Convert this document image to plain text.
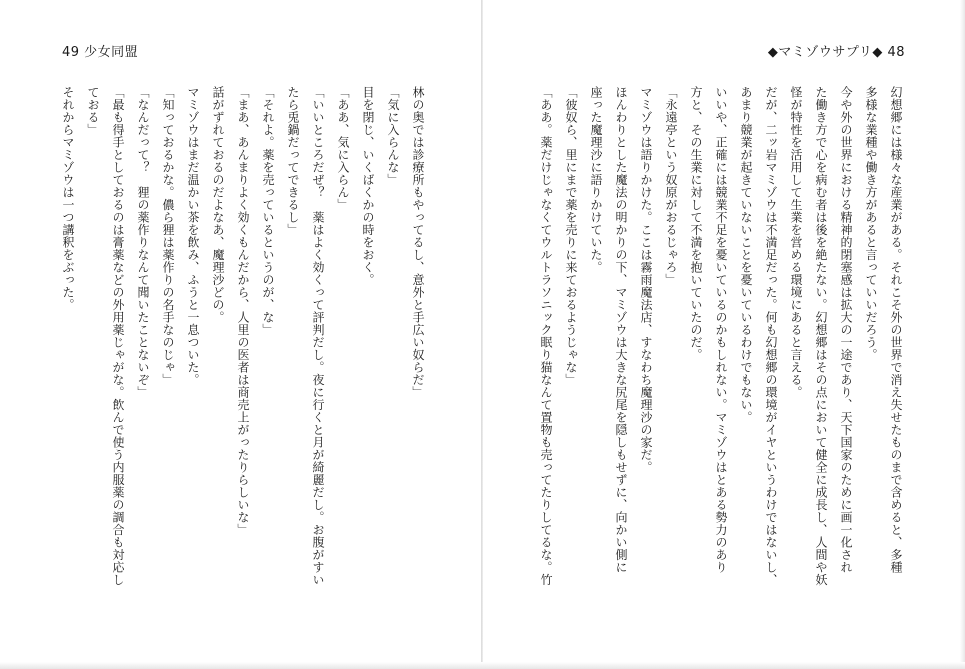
49 少女同盟

林の奥では診療所もやってるし、意外と手広い奴らだ」

「気に入らんな」

目を閉じ、いくばくかの時をおく。

「ああ、気に入らん」

「いいところだぜ？　薬はよく効くって評判だし。夜に行くと月が綺麗だし。お腹がすい

たら兎鍋だってできるし」

「それよ。薬を売っているというのが、な」

「まあ、あんまりよく効くもんだから、人里の医者は商売上がったりらしいな」

話がずれておるのだよなあ、魔理沙どの。

マミゾウはまだ温かい茶を飲み、ふうと一息ついた。

「知っておるかな。儂ら狸は薬作りの名手なのじゃ」

「なんだって？　狸の薬作りなんて聞いたことないぞ」

「最も得手としておるのは膏薬などの外用薬じゃがな。飲んで使う内服薬の調合も対応し

ておる」

それからマミゾウは一つ講釈をぶった。

◆マミゾウサプリ◆ 48

幻想郷には様々な産業がある。それこそ外の世界で消え失せたものまで含めると、多種

多様な業種や働き方があると言っていいだろう。

今や外の世界における精神的閉塞感は拡大の一途であり、天下国家のために画一化され

た働き方で心を病む者は後を絶たない。幻想郷はその点において健全に成長し、人間や妖

怪が特性を活用して生業を営める環境にあると言える。

だが、二ッ岩マミゾウは不満足だった。何も幻想郷の環境がイヤというわけではないし、

あまり競業が起きていないことを憂いているわけでもない。

いいや、正確には競業不足を憂いているのかもしれない。マミゾウはとある勢力のあり

方と、その生業に対して不満を抱いていたのだ。

「永遠亭という奴原がおるじゃろ」

マミゾウは語りかけた。ここは霧雨魔法店、すなわち魔理沙の家だ。

ほんわりとした魔法の明かりの下、マミゾウは大きな尻尾を隠しもせずに、向かい側に

座った魔理沙に語りかけていた。

「彼奴ら、里にまで薬を売りに来ておるようじゃな」

「ああ。薬だけじゃなくてウルトラソニック眠り猫なんて置物も売ってたりしてるな。竹
